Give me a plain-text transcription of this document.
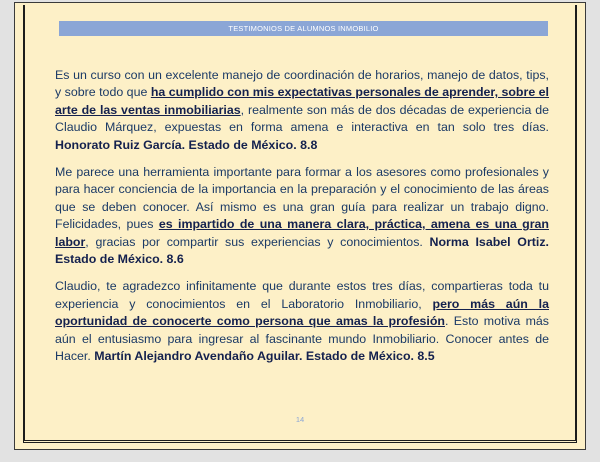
TESTIMONIOS DE ALUMNOS INMOBILIO

Es un curso con un excelente manejo de coordinación de horarios, manejo de datos, tips, y sobre todo que ha cumplido con mis expectativas personales de aprender, sobre el arte de las ventas inmobiliarias, realmente son más de dos décadas de experiencia de Claudio Márquez, expuestas en forma amena e interactiva en tan solo tres días. Honorato Ruiz García. Estado de México. 8.8

Me parece una herramienta importante para formar a los asesores como profesionales y para hacer conciencia de la importancia en la preparación y el conocimiento de las áreas que se deben conocer. Así mismo es una gran guía para realizar un trabajo digno. Felicidades, pues es impartido de una manera clara, práctica, amena es una gran labor, gracias por compartir sus experiencias y conocimientos. Norma Isabel Ortiz. Estado de México. 8.6

Claudio, te agradezco infinitamente que durante estos tres días, compartieras toda tu experiencia y conocimientos en el Laboratorio Inmobiliario, pero más aún la oportunidad de conocerte como persona que amas la profesión. Esto motiva más aún el entusiasmo para ingresar al fascinante mundo Inmobiliario. Conocer antes de Hacer. Martín Alejandro Avendaño Aguilar. Estado de México. 8.5

14
